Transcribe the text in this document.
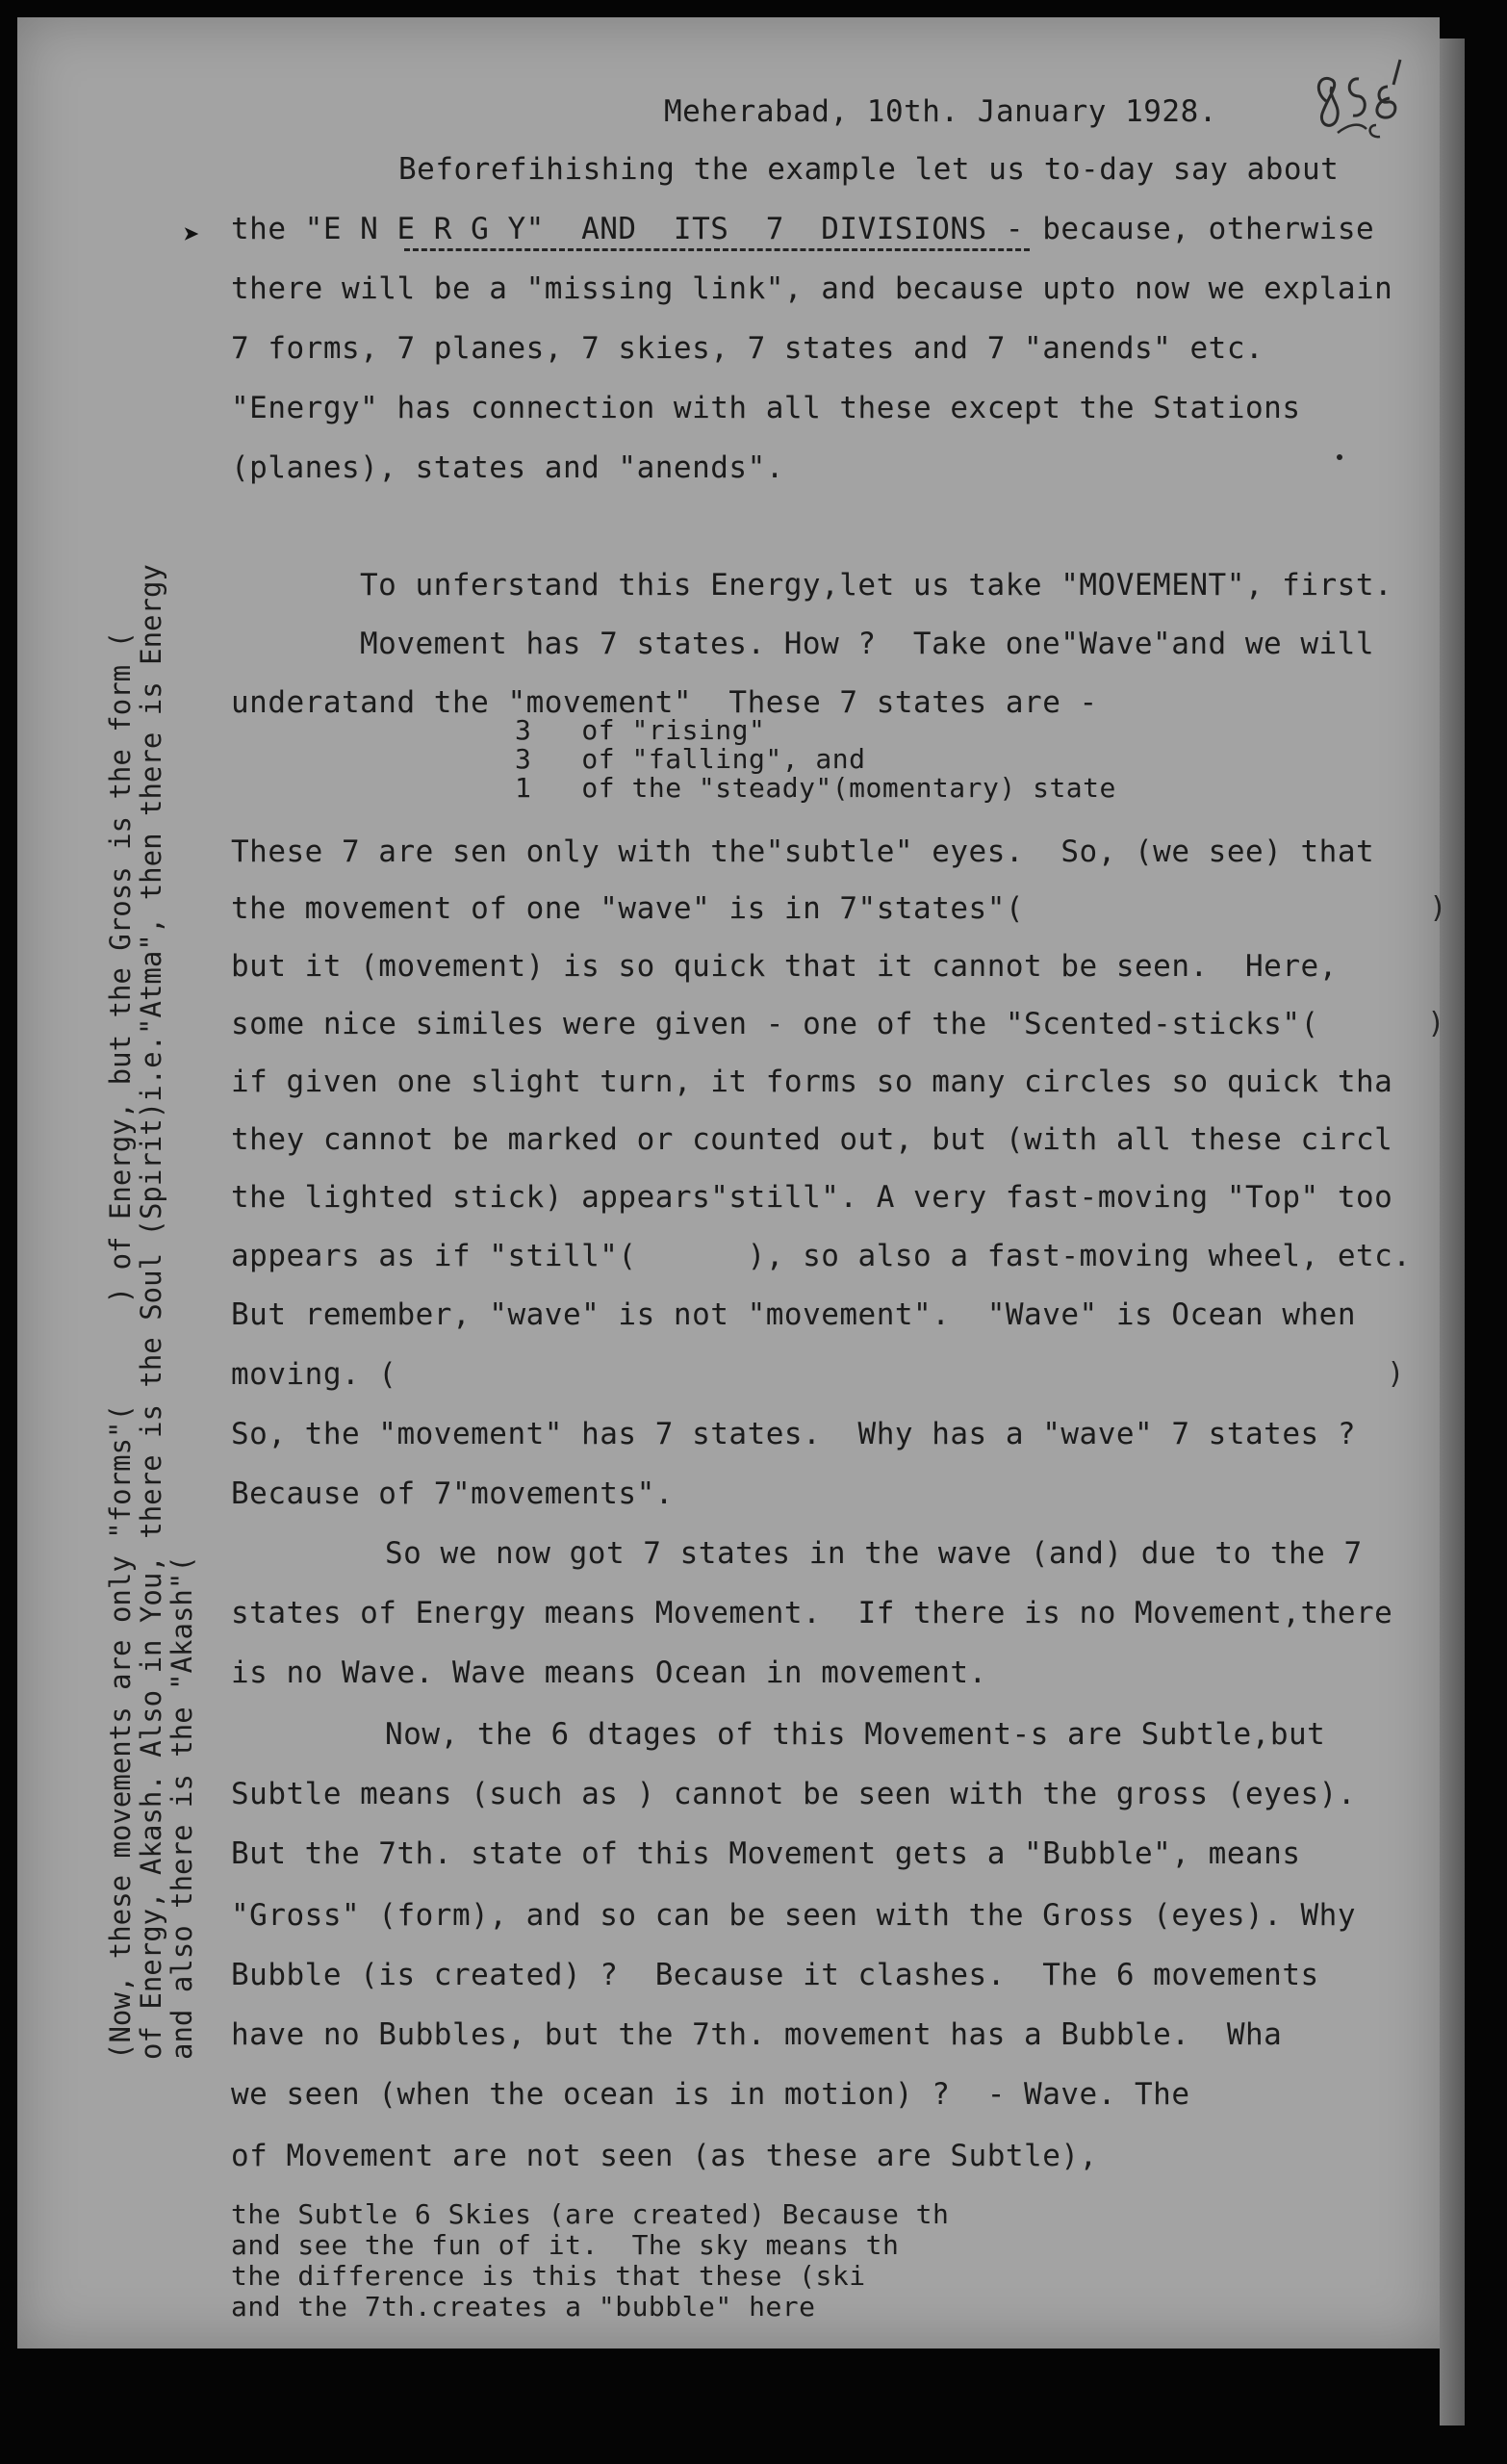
Meherabad, 10th. January 1928.
➤
Beforefihishing the example let us to-day say about
the "E N E R G Y"  AND  ITS  7  DIVISIONS - because, otherwise
there will be a "missing link", and because upto now we explain
7 forms, 7 planes, 7 skies, 7 states and 7 "anends" etc.
"Energy" has connection with all these except the Stations
(planes), states and "anends".
To unferstand this Energy,let us take "MOVEMENT", first.
Movement has 7 states. How ?  Take one"Wave"and we will
underatand the "movement"  These 7 states are -
3   of "rising"
3   of "falling", and
1   of the "steady"(momentary) state
These 7 are sen only with the"subtle" eyes.  So, (we see) that
the movement of one "wave" is in 7"states"(	)
but it (movement) is so quick that it cannot be seen.  Here,
some nice similes were given - one of the "Scented-sticks"(	)
if given one slight turn, it forms so many circles so quick tha
they cannot be marked or counted out, but (with all these circl
the lighted stick) appears"still". A very fast-moving "Top" too
appears as if "still"(      ), so also a fast-moving wheel, etc.
But remember, "wave" is not "movement".  "Wave" is Ocean when
moving. (	)
So, the "movement" has 7 states.  Why has a "wave" 7 states ?
Because of 7"movements".
So we now got 7 states in the wave (and) due to the 7
states of Energy means Movement.  If there is no Movement,there
is no Wave. Wave means Ocean in movement.
Now, the 6 dtages of this Movement-s are Subtle,but
Subtle means (such as ) cannot be seen with the gross (eyes).
But the 7th. state of this Movement gets a "Bubble", means
"Gross" (form), and so can be seen with the Gross (eyes). Why
Bubble (is created) ?  Because it clashes.  The 6 movements
have no Bubbles, but the 7th. movement has a Bubble.  Wha
we seen (when the ocean is in motion) ?  - Wave. The
of Movement are not seen (as these are Subtle),
the Subtle 6 Skies (are created) Because th
and see the fun of it.  The sky means th
the difference is this that these (ski
and the 7th.creates a "bubble" here

(Now, these movements are only "forms"(      ) of Energy, but the Gross is the form (

of Energy, Akash. Also in You, there is the Soul (Spirit)i.e."Atma", then there is Energy

and also there is the "Akash"(
